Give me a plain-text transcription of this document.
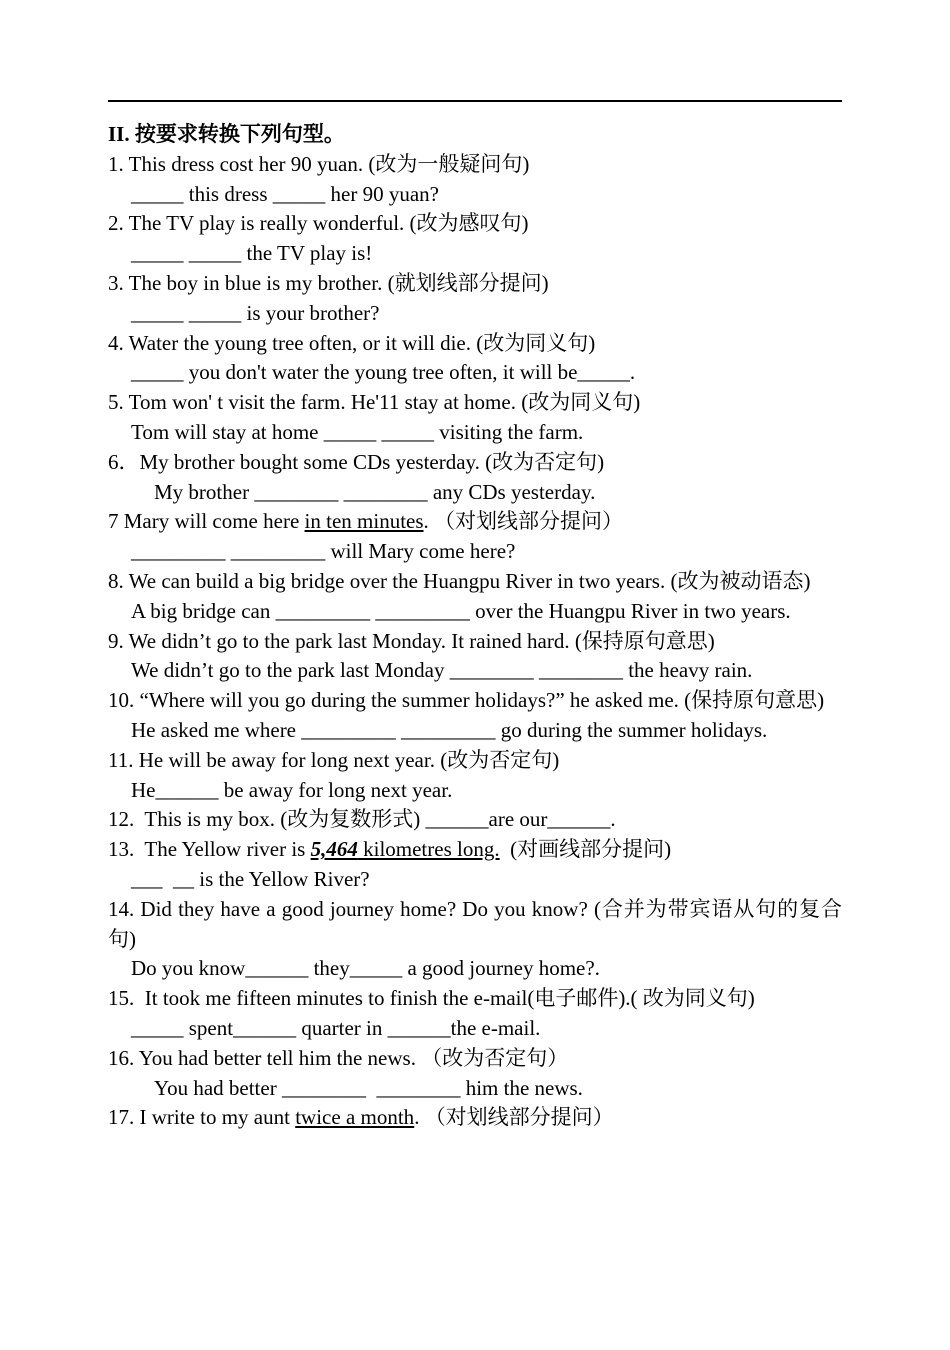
II. 按要求转换下列句型。

1. This dress cost her 90 yuan. (改为一般疑问句)

_____ this dress _____ her 90 yuan?

2. The TV play is really wonderful. (改为感叹句)

_____ _____ the TV play is!

3. The boy in blue is my brother. (就划线部分提问)

_____ _____ is your brother?

4. Water the young tree often, or it will die. (改为同义句)

_____ you don't water the young tree often, it will be_____.

5. Tom won' t visit the farm. He'11 stay at home. (改为同义句)

Tom will stay at home _____ _____ visiting the farm.

6．My brother bought some CDs yesterday. (改为否定句)

My brother ________ ________ any CDs yesterday.

7 Mary will come here in ten minutes. （对划线部分提问）

_________ _________ will Mary come here?

8. We can build a big bridge over the Huangpu River in two years. (改为被动语态)

A big bridge can _________ _________ over the Huangpu River in two years.

9. We didn’t go to the park last Monday. It rained hard. (保持原句意思)

We didn’t go to the park last Monday ________ ________ the heavy rain.

10. “Where will you go during the summer holidays?” he asked me. (保持原句意思)

He asked me where _________ _________ go during the summer holidays.

11. He will be away for long next year. (改为否定句)

He______ be away for long next year.

12.  This is my box. (改为复数形式) ______are our______.

13.  The Yellow river is 5,464 kilometres long.  (对画线部分提问)

___  __ is the Yellow River?

14. Did they have a good journey home? Do you know? (合并为带宾语从句的复合句)

Do you know______ they_____ a good journey home?.

15.  It took me fifteen minutes to finish the e-mail(电子邮件).( 改为同义句)

_____ spent______ quarter in ______the e-mail.

16. You had better tell him the news. （改为否定句）

You had better ________  ________ him the news.

17. I write to my aunt twice a month. （对划线部分提问）
